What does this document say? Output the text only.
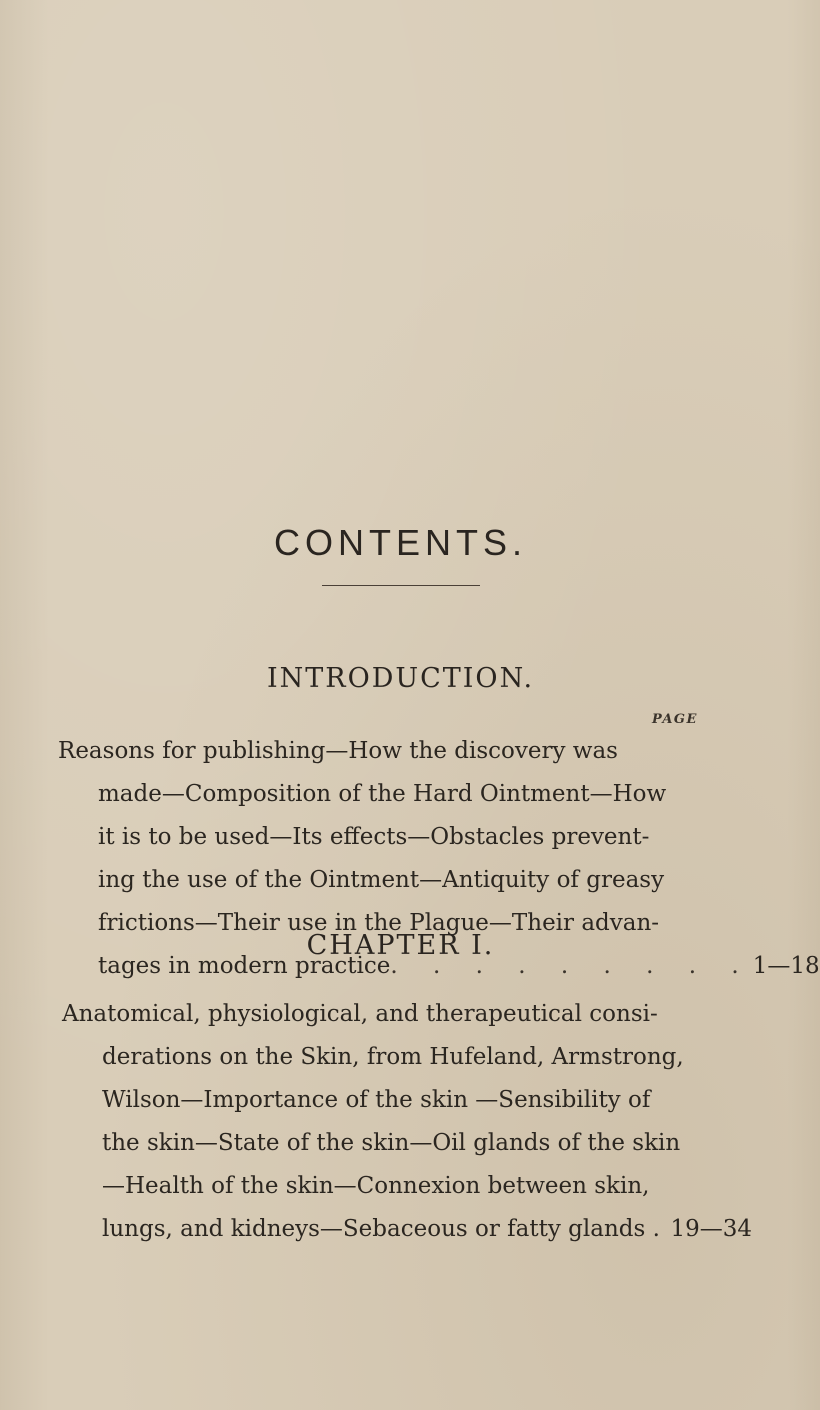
CONTENTS.
INTRODUCTION.
PAGE

Reasons for publishing—How the discovery was

made—Composition of the Hard Ointment—How

it is to be used—Its effects—Obstacles prevent-

ing the use of the Ointment—Antiquity of greasy

frictions—Their use in the Plague—Their advan-

tages in modern practice . . . . . . . . . 1—18

CHAPTER I.

Anatomical, physiological, and therapeutical consi-

derations on the Skin, from Hufeland, Armstrong,

Wilson—Importance of the skin —Sensibility of

the skin—State of the skin—Oil glands of the skin

—Health of the skin—Connexion between skin,

lungs, and kidneys—Sebaceous or fatty glands . 19—34
